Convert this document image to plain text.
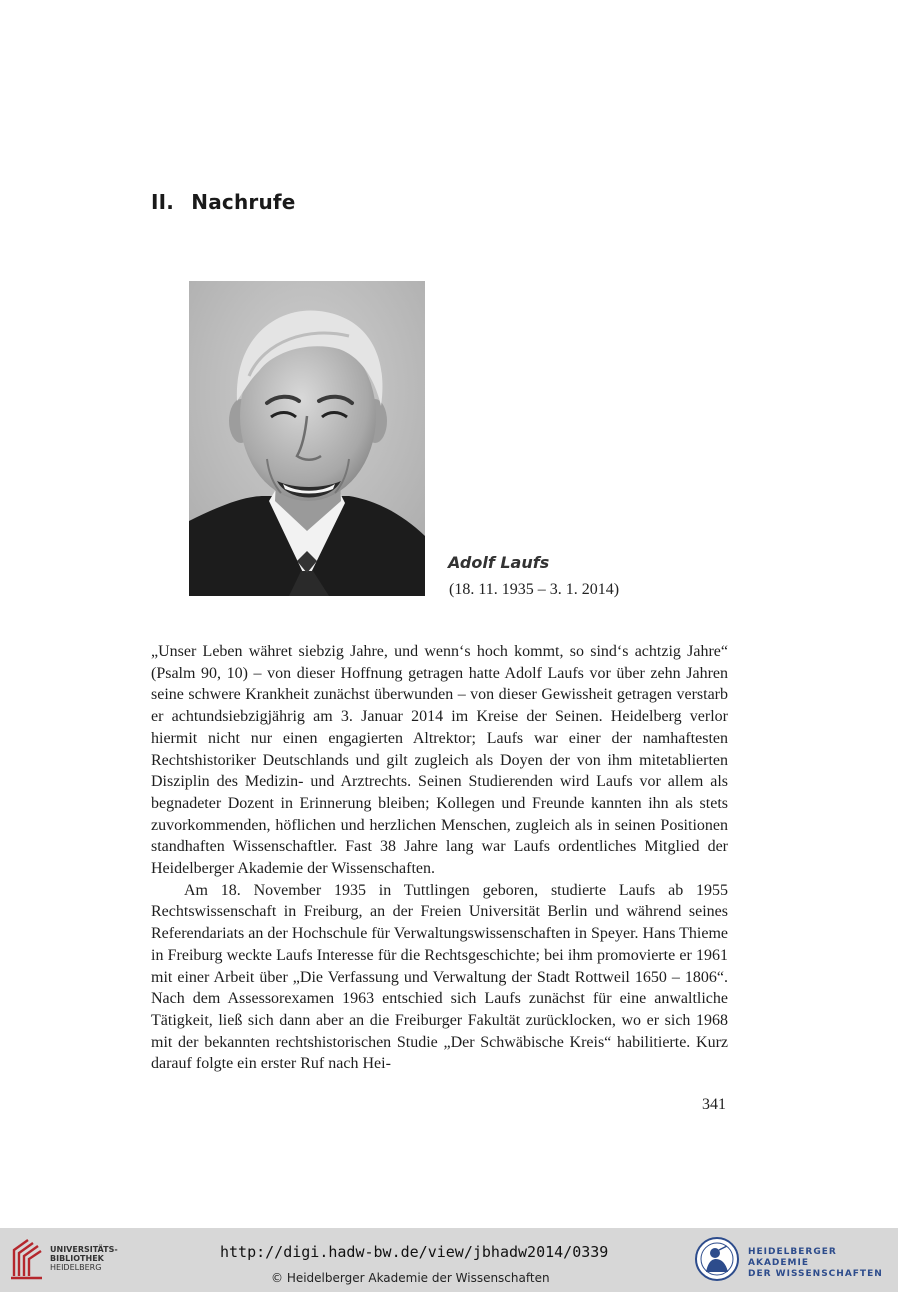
II. Nachrufe
Adolf Laufs
(18. 11. 1935 – 3. 1. 2014)

„Unser Leben währet siebzig Jahre, und wenn‘s hoch kommt, so sind‘s achtzig Jahre“ (Psalm 90, 10) – von dieser Hoffnung getragen hatte Adolf Laufs vor über zehn Jahren seine schwere Krankheit zunächst überwunden – von dieser Gewissheit getragen verstarb er achtundsiebzigjährig am 3. Januar 2014 im Kreise der Seinen. Heidelberg verlor hiermit nicht nur einen engagierten Altrektor; Laufs war einer der namhaftesten Rechtshistoriker Deutschlands und gilt zugleich als Doyen der von ihm mitetablierten Disziplin des Medizin- und Arztrechts. Seinen Studierenden wird Laufs vor allem als begnadeter Dozent in Erinnerung bleiben; Kollegen und Freunde kannten ihn als stets zuvorkommenden, höflichen und herzlichen Menschen, zugleich als in seinen Positionen standhaften Wissenschaftler. Fast 38 Jahre lang war Laufs ordentliches Mitglied der Heidelberger Akademie der Wissenschaften.

Am 18. November 1935 in Tuttlingen geboren, studierte Laufs ab 1955 Rechtswissenschaft in Freiburg, an der Freien Universität Berlin und während seines Referendariats an der Hochschule für Verwaltungswissenschaften in Speyer. Hans Thieme in Freiburg weckte Laufs Interesse für die Rechtsgeschichte; bei ihm promovierte er 1961 mit einer Arbeit über „Die Verfassung und Verwaltung der Stadt Rottweil 1650 – 1806“. Nach dem Assessorexamen 1963 entschied sich Laufs zunächst für eine anwaltliche Tätigkeit, ließ sich dann aber an die Freiburger Fakultät zurücklocken, wo er sich 1968 mit der bekannten rechtshistorischen Studie „Der Schwäbische Kreis“ habilitierte. Kurz darauf folgte ein erster Ruf nach Hei-

341
UNIVERSITÄTS-
BIBLIOTHEK
HEIDELBERG
http://digi.hadw-bw.de/view/jbhadw2014/0339
© Heidelberger Akademie der Wissenschaften
HEIDELBERGER AKADEMIE
DER WISSENSCHAFTEN
